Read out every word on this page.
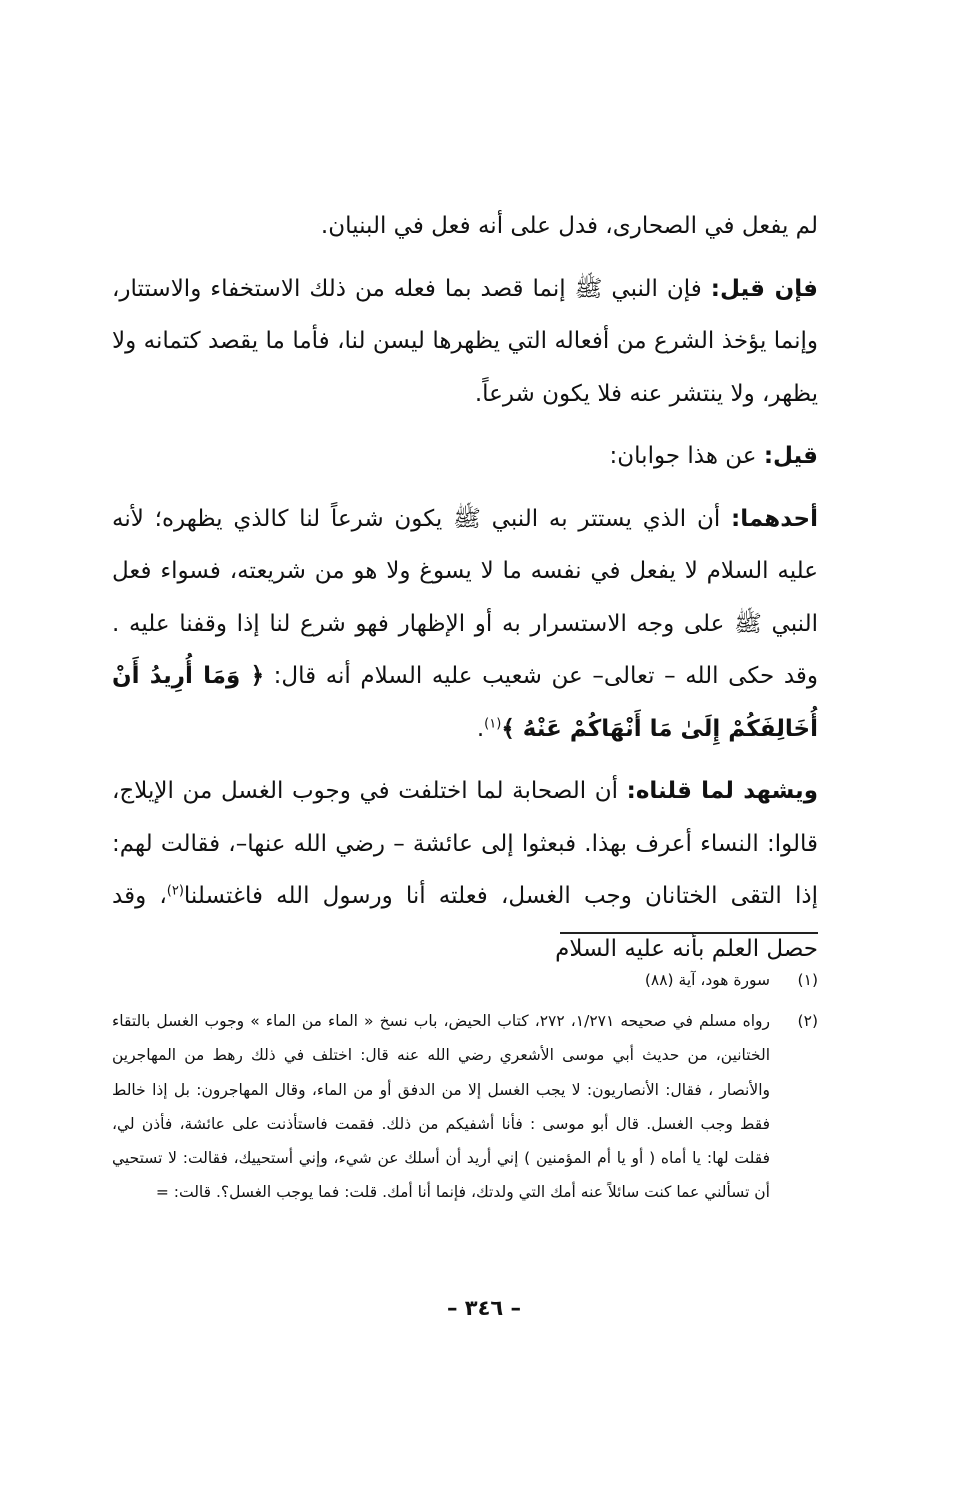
لم يفعل في الصحارى، فدل على أنه فعل في البنيان.

فإن قيل: فإن النبي ﷺ إنما قصد بما فعله من ذلك الاستخفاء والاستتار، وإنما يؤخذ الشرع من أفعاله التي يظهرها ليسن لنا، فأما ما يقصد كتمانه ولا يظهر، ولا ينتشر عنه فلا يكون شرعاً.

قيل: عن هذا جوابان:

أحدهما: أن الذي يستتر به النبي ﷺ يكون شرعاً لنا كالذي يظهره؛ لأنه عليه السلام لا يفعل في نفسه ما لا يسوغ ولا هو من شريعته، فسواء فعل النبي ﷺ على وجه الاستسرار به أو الإظهار فهو شرع لنا إذا وقفنا عليه . وقد حكى الله – تعالى– عن شعيب عليه السلام أنه قال: ﴿ وَمَا أُرِيدُ أَنْ أُخَالِفَكُمْ إِلَىٰ مَا أَنْهَاكُمْ عَنْهُ ﴾$^{(١)}$.

ويشهد لما قلناه: أن الصحابة لما اختلفت في وجوب الغسل من الإيلاج، قالوا: النساء أعرف بهذا. فبعثوا إلى عائشة – رضي الله عنها–، فقالت لهم: إذا التقى الختانان وجب الغسل، فعلته أنا ورسول الله فاغتسلنا$^{(٢)}$، وقد حصل العلم بأنه عليه السلام

(١)
سورة هود، آية (٨٨)
(٢)
رواه مسلم في صحيحه ١/٢٧١، ٢٧٢، كتاب الحيض، باب نسخ « الماء من الماء » وجوب الغسل بالتقاء الختانين، من حديث أبي موسى الأشعري رضي الله عنه قال: اختلف في ذلك رهط من المهاجرين والأنصار ، فقال: الأنصاريون: لا يجب الغسل إلا من الدفق أو من الماء، وقال المهاجرون: بل إذا خالط فقط وجب الغسل. قال أبو موسى : فأنا أشفيكم من ذلك. فقمت فاستأذنت على عائشة، فأذن لي، فقلت لها: يا أماه ( أو يا أم المؤمنين ) إني أريد أن أسلك عن شيء، وإني أستحييك، فقالت: لا تستحيي أن تسألني عما كنت سائلاً عنه أمك التي ولدتك، فإنما أنا أمك. قلت: فما يوجب الغسل؟. قالت: =
– ٣٤٦ –
